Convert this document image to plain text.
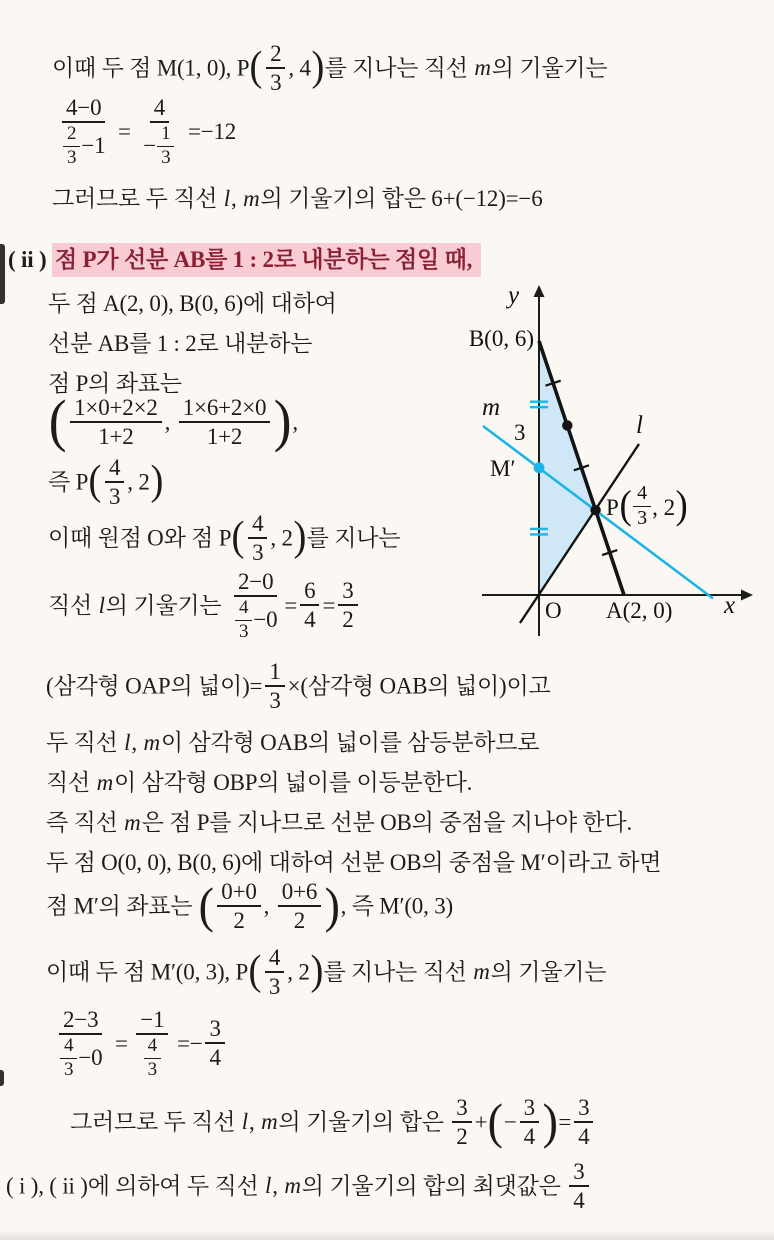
이때 두 점 M(1, 0), $P( \frac{2}{3}$ , 4)를 지나는 직선 m의 기울기는
$\frac{4-0}{\frac{2}{3} -1} = \frac{4}{- \frac{1}{3}} =-12$
그러므로 두 직선 l, m의 기울기의 합은 6+(−12)=−6
( ii ) 점 P가 선분 AB를 1 : 2로 내분하는 점일 때,
두 점 A(2, 0), B(0, 6)에 대하여
선분 AB를 1 : 2로 내분하는
점 P의 좌표는
( $\frac{1\times 0+2\times 2}{1+2}$ , $\frac{1\times 6+2\times 0}{1+2}$ ),
즉 $P( \frac{4}{3}$ , 2)
이때 원점 O와 점 $P( \frac{4}{3}$ , 2)를 지나는
직선 l의 기울기는 $\frac{2-0}{\frac{4}{3} -0} = \frac{6}{4} = \frac{3}{2}$
(삼각형 OAP의 넓이)= $\frac{1}{3}$ ×(삼각형 OAB의 넓이)이고
두 직선 l, m이 삼각형 OAB의 넓이를 삼등분하므로
직선 m이 삼각형 OBP의 넓이를 이등분한다.
즉 직선 m은 점 P를 지나므로 선분 OB의 중점을 지나야 한다.
두 점 O(0, 0), B(0, 6)에 대하여 선분 OB의 중점을 M′이라고 하면
점 M′의 좌표는 ( $\frac{0+0}{2}$ , $\frac{0+6}{2}$ ), 즉 M′(0, 3)
이때 두 점 M′(0, 3), $P( \frac{4}{3}$ , 2)를 지나는 직선 m의 기울기는
$\frac{2-3}{\frac{4}{3} -0} = \frac{-1}{\frac{4}{3}} =- \frac{3}{4}$
그러므로 두 직선 l, m의 기울기의 합은 $\frac{3}{2}$ +(− $\frac{3}{4}$ )= $\frac{3}{4}$
( i ), ( ii )에 의하여 두 직선 l, m의 기울기의 합의 최댓값은 $\frac{3}{4}$
y
B(0, 6)
m
3
M′
l
P ( $\frac{4}{3}$ , 2 )
O A(2, 0) x
